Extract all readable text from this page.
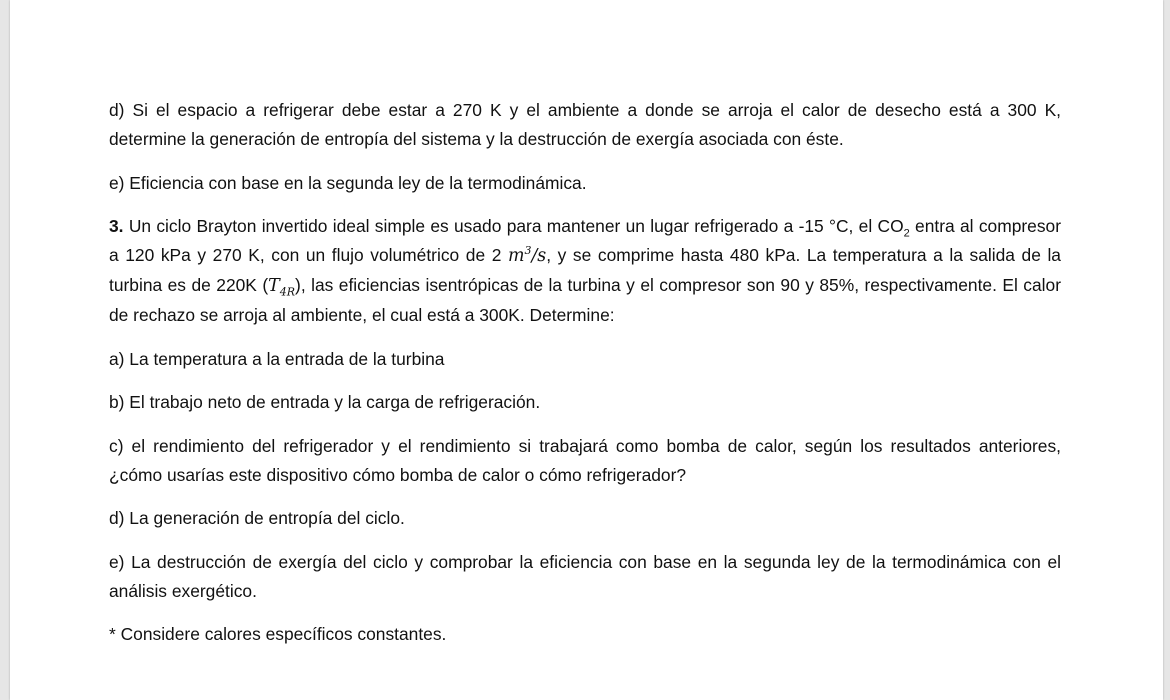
d) Si el espacio a refrigerar debe estar a 270 K y el ambiente a donde se arroja el calor de desecho está a 300 K, determine la generación de entropía del sistema y la destrucción de exergía asociada con éste.

e) Eficiencia con base en la segunda ley de la termodinámica.

3. Un ciclo Brayton invertido ideal simple es usado para mantener un lugar refrigerado a -15 °C, el $CO_2$ entra al compresor a 120 kPa y 270 K, con un flujo volumétrico de 2 $m^3/s$, y se comprime hasta 480 kPa. La temperatura a la salida de la turbina es de 220K $(T_{4R})$, las eficiencias isentrópicas de la turbina y el compresor son 90 y 85%, respectivamente. El calor de rechazo se arroja al ambiente, el cual está a 300K. Determine:

a) La temperatura a la entrada de la turbina

b) El trabajo neto de entrada y la carga de refrigeración.

c) el rendimiento del refrigerador y el rendimiento si trabajará como bomba de calor, según los resultados anteriores, ¿cómo usarías este dispositivo cómo bomba de calor o cómo refrigerador?

d) La generación de entropía del ciclo.

e) La destrucción de exergía del ciclo y comprobar la eficiencia con base en la segunda ley de la termodinámica con el análisis exergético.

* Considere calores específicos constantes.
